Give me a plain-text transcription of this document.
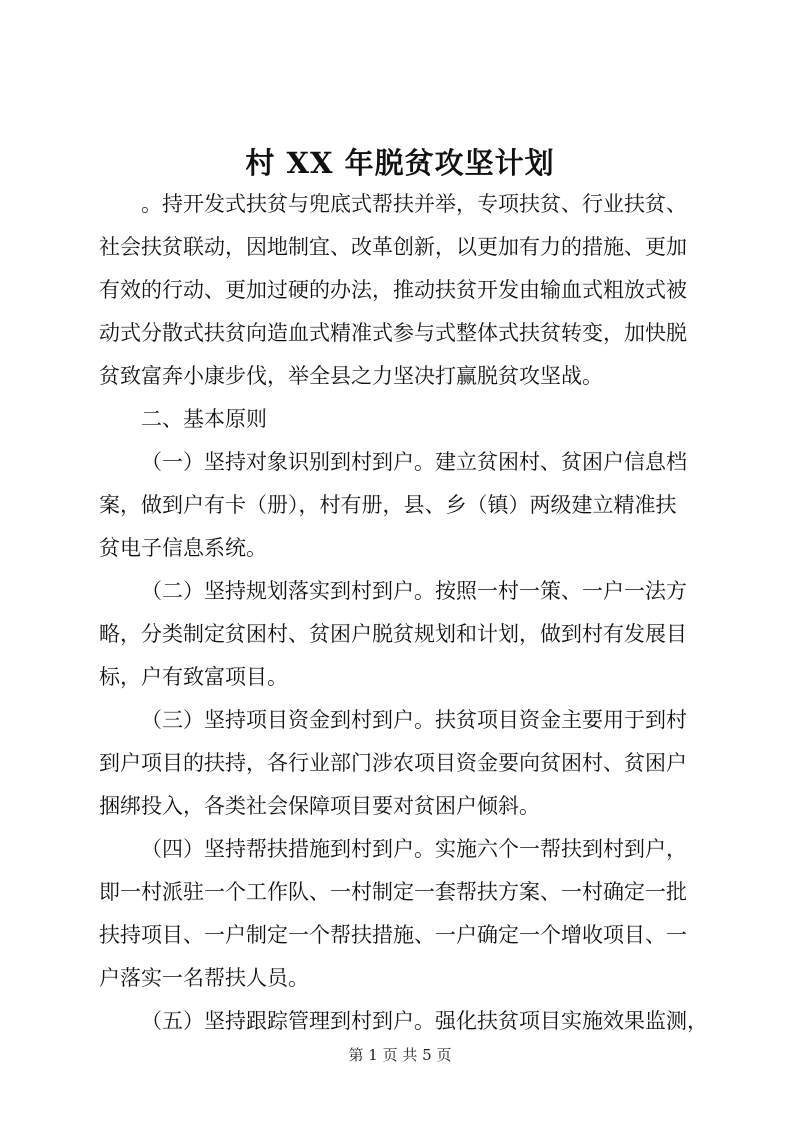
村 XX 年脱贫攻坚计划
。持开发式扶贫与兜底式帮扶并举，专项扶贫、行业扶贫、
社会扶贫联动，因地制宜、改革创新，以更加有力的措施、更加
有效的行动、更加过硬的办法，推动扶贫开发由输血式粗放式被
动式分散式扶贫向造血式精准式参与式整体式扶贫转变，加快脱
贫致富奔小康步伐，举全县之力坚决打赢脱贫攻坚战。
二、基本原则
（一）坚持对象识别到村到户。建立贫困村、贫困户信息档
案，做到户有卡（册），村有册，县、乡（镇）两级建立精准扶
贫电子信息系统。
（二）坚持规划落实到村到户。按照一村一策、一户一法方
略，分类制定贫困村、贫困户脱贫规划和计划，做到村有发展目
标，户有致富项目。
（三）坚持项目资金到村到户。扶贫项目资金主要用于到村
到户项目的扶持，各行业部门涉农项目资金要向贫困村、贫困户
捆绑投入，各类社会保障项目要对贫困户倾斜。
（四）坚持帮扶措施到村到户。实施六个一帮扶到村到户，
即一村派驻一个工作队、一村制定一套帮扶方案、一村确定一批
扶持项目、一户制定一个帮扶措施、一户确定一个增收项目、一
户落实一名帮扶人员。
（五）坚持跟踪管理到村到户。强化扶贫项目实施效果监测，
第 1 页 共 5 页
